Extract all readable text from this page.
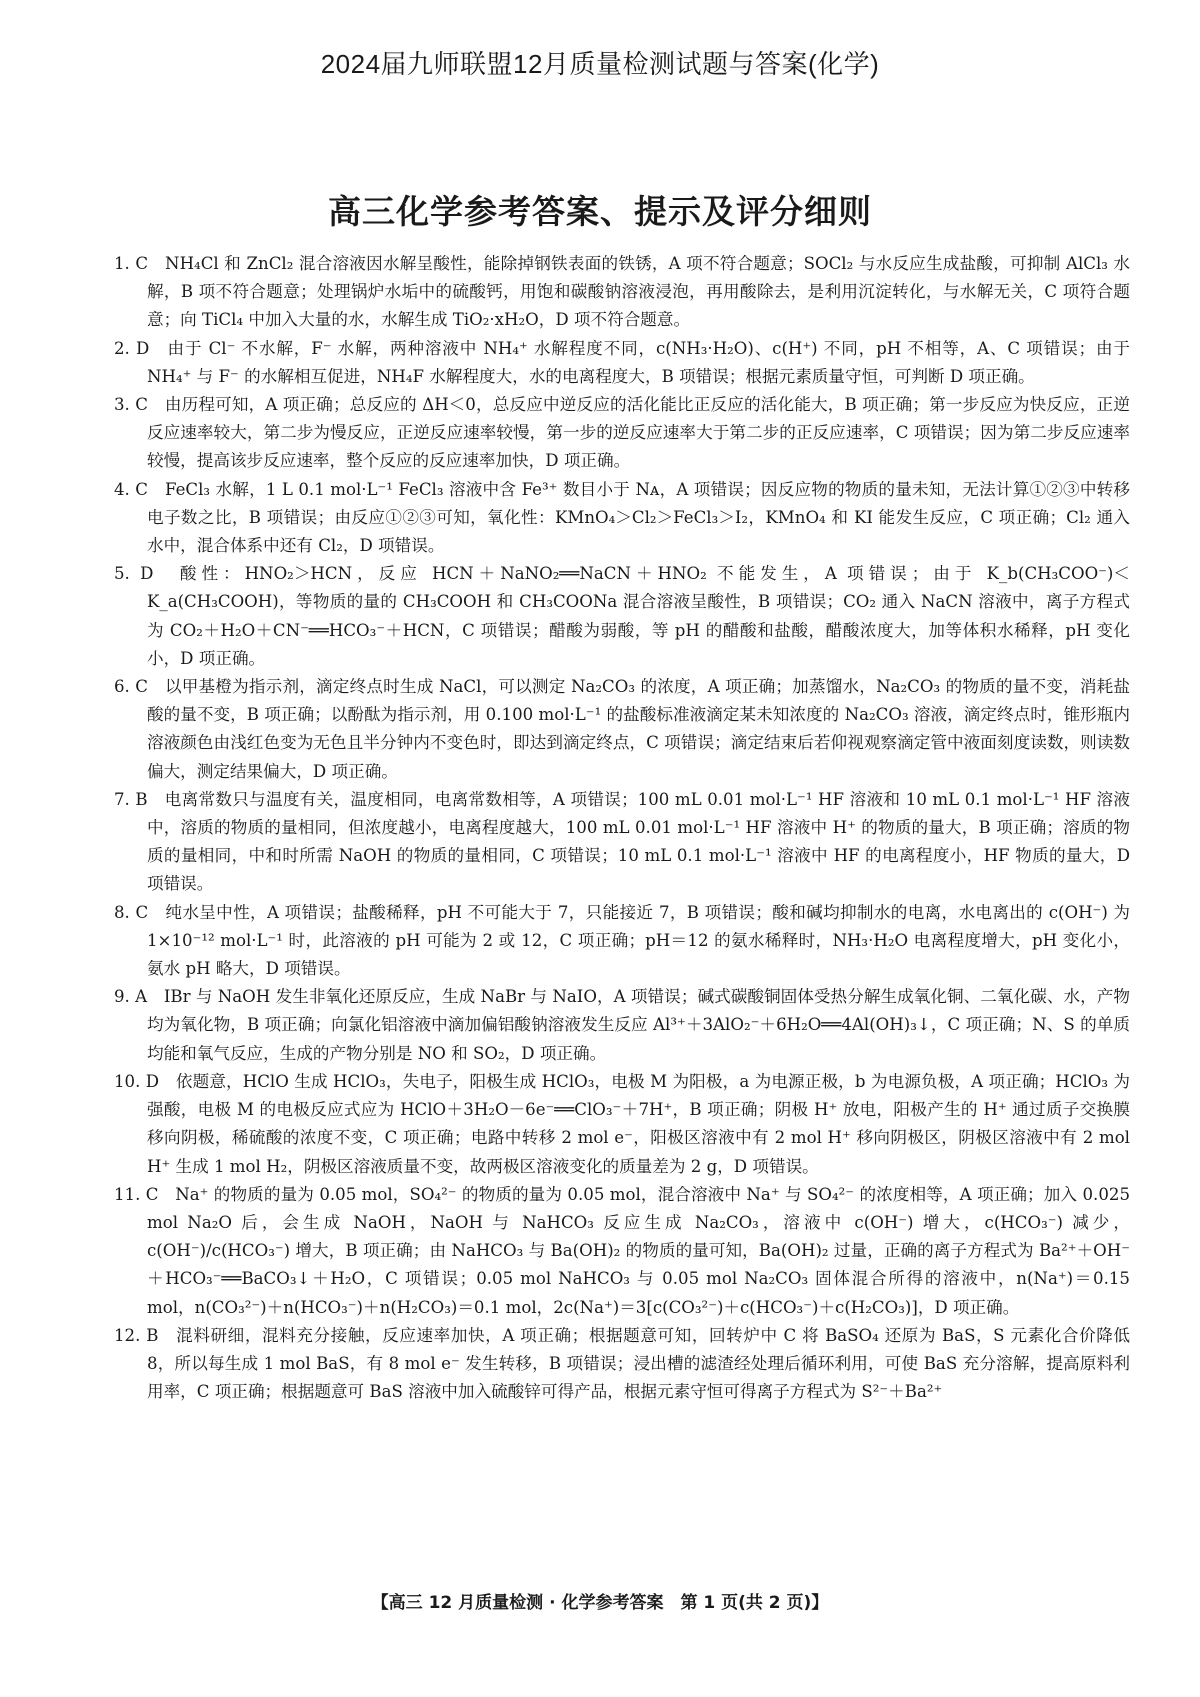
2024届九师联盟12月质量检测试题与答案(化学)
高三化学参考答案、提示及评分细则

1. C　NH₄Cl 和 ZnCl₂ 混合溶液因水解呈酸性，能除掉钢铁表面的铁锈，A 项不符合题意；SOCl₂ 与水反应生成盐酸，可抑制 AlCl₃ 水解，B 项不符合题意；处理锅炉水垢中的硫酸钙，用饱和碳酸钠溶液浸泡，再用酸除去，是利用沉淀转化，与水解无关，C 项符合题意；向 TiCl₄ 中加入大量的水，水解生成 TiO₂·xH₂O，D 项不符合题意。

2. D　由于 Cl⁻ 不水解，F⁻ 水解，两种溶液中 NH₄⁺ 水解程度不同，c(NH₃·H₂O)、c(H⁺) 不同，pH 不相等，A、C 项错误；由于 NH₄⁺ 与 F⁻ 的水解相互促进，NH₄F 水解程度大，水的电离程度大，B 项错误；根据元素质量守恒，可判断 D 项正确。

3. C　由历程可知，A 项正确；总反应的 ΔH＜0，总反应中逆反应的活化能比正反应的活化能大，B 项正确；第一步反应为快反应，正逆反应速率较大，第二步为慢反应，正逆反应速率较慢，第一步的逆反应速率大于第二步的正反应速率，C 项错误；因为第二步反应速率较慢，提高该步反应速率，整个反应的反应速率加快，D 项正确。

4. C　FeCl₃ 水解，1 L 0.1 mol·L⁻¹ FeCl₃ 溶液中含 Fe³⁺ 数目小于 Nᴀ，A 项错误；因反应物的物质的量未知，无法计算①②③中转移电子数之比，B 项错误；由反应①②③可知，氧化性：KMnO₄＞Cl₂＞FeCl₃＞I₂，KMnO₄ 和 KI 能发生反应，C 项正确；Cl₂ 通入水中，混合体系中还有 Cl₂，D 项错误。

5. D　酸性：HNO₂＞HCN，反应 HCN＋NaNO₂══NaCN＋HNO₂ 不能发生，A 项错误；由于 K_b(CH₃COO⁻)＜K_a(CH₃COOH)，等物质的量的 CH₃COOH 和 CH₃COONa 混合溶液呈酸性，B 项错误；CO₂ 通入 NaCN 溶液中，离子方程式为 CO₂＋H₂O＋CN⁻══HCO₃⁻＋HCN，C 项错误；醋酸为弱酸，等 pH 的醋酸和盐酸，醋酸浓度大，加等体积水稀释，pH 变化小，D 项正确。

6. C　以甲基橙为指示剂，滴定终点时生成 NaCl，可以测定 Na₂CO₃ 的浓度，A 项正确；加蒸馏水，Na₂CO₃ 的物质的量不变，消耗盐酸的量不变，B 项正确；以酚酞为指示剂，用 0.100 mol·L⁻¹ 的盐酸标准液滴定某未知浓度的 Na₂CO₃ 溶液，滴定终点时，锥形瓶内溶液颜色由浅红色变为无色且半分钟内不变色时，即达到滴定终点，C 项错误；滴定结束后若仰视观察滴定管中液面刻度读数，则读数偏大，测定结果偏大，D 项正确。

7. B　电离常数只与温度有关，温度相同，电离常数相等，A 项错误；100 mL 0.01 mol·L⁻¹ HF 溶液和 10 mL 0.1 mol·L⁻¹ HF 溶液中，溶质的物质的量相同，但浓度越小，电离程度越大，100 mL 0.01 mol·L⁻¹ HF 溶液中 H⁺ 的物质的量大，B 项正确；溶质的物质的量相同，中和时所需 NaOH 的物质的量相同，C 项错误；10 mL 0.1 mol·L⁻¹ 溶液中 HF 的电离程度小，HF 物质的量大，D 项错误。

8. C　纯水呈中性，A 项错误；盐酸稀释，pH 不可能大于 7，只能接近 7，B 项错误；酸和碱均抑制水的电离，水电离出的 c(OH⁻) 为 1×10⁻¹² mol·L⁻¹ 时，此溶液的 pH 可能为 2 或 12，C 项正确；pH＝12 的氨水稀释时，NH₃·H₂O 电离程度增大，pH 变化小，氨水 pH 略大，D 项错误。

9. A　IBr 与 NaOH 发生非氧化还原反应，生成 NaBr 与 NaIO，A 项错误；碱式碳酸铜固体受热分解生成氧化铜、二氧化碳、水，产物均为氧化物，B 项正确；向氯化铝溶液中滴加偏铝酸钠溶液发生反应 Al³⁺＋3AlO₂⁻＋6H₂O══4Al(OH)₃↓，C 项正确；N、S 的单质均能和氧气反应，生成的产物分别是 NO 和 SO₂，D 项正确。

10. D　依题意，HClO 生成 HClO₃，失电子，阳极生成 HClO₃，电极 M 为阳极，a 为电源正极，b 为电源负极，A 项正确；HClO₃ 为强酸，电极 M 的电极反应式应为 HClO＋3H₂O－6e⁻══ClO₃⁻＋7H⁺，B 项正确；阴极 H⁺ 放电，阳极产生的 H⁺ 通过质子交换膜移向阴极，稀硫酸的浓度不变，C 项正确；电路中转移 2 mol e⁻，阳极区溶液中有 2 mol H⁺ 移向阴极区，阴极区溶液中有 2 mol H⁺ 生成 1 mol H₂，阴极区溶液质量不变，故两极区溶液变化的质量差为 2 g，D 项错误。

11. C　Na⁺ 的物质的量为 0.05 mol，SO₄²⁻ 的物质的量为 0.05 mol，混合溶液中 Na⁺ 与 SO₄²⁻ 的浓度相等，A 项正确；加入 0.025 mol Na₂O 后，会生成 NaOH，NaOH 与 NaHCO₃ 反应生成 Na₂CO₃，溶液中 c(OH⁻) 增大，c(HCO₃⁻) 减少，c(OH⁻)/c(HCO₃⁻) 增大，B 项正确；由 NaHCO₃ 与 Ba(OH)₂ 的物质的量可知，Ba(OH)₂ 过量，正确的离子方程式为 Ba²⁺＋OH⁻＋HCO₃⁻══BaCO₃↓＋H₂O，C 项错误；0.05 mol NaHCO₃ 与 0.05 mol Na₂CO₃ 固体混合所得的溶液中，n(Na⁺)＝0.15 mol，n(CO₃²⁻)＋n(HCO₃⁻)＋n(H₂CO₃)＝0.1 mol，2c(Na⁺)＝3[c(CO₃²⁻)＋c(HCO₃⁻)＋c(H₂CO₃)]，D 项正确。

12. B　混料研细，混料充分接触，反应速率加快，A 项正确；根据题意可知，回转炉中 C 将 BaSO₄ 还原为 BaS，S 元素化合价降低 8，所以每生成 1 mol BaS，有 8 mol e⁻ 发生转移，B 项错误；浸出槽的滤渣经处理后循环利用，可使 BaS 充分溶解，提高原料利用率，C 项正确；根据题意可 BaS 溶液中加入硫酸锌可得产品，根据元素守恒可得离子方程式为 S²⁻＋Ba²⁺

【高三 12 月质量检测 · 化学参考答案　第 1 页(共 2 页)】
